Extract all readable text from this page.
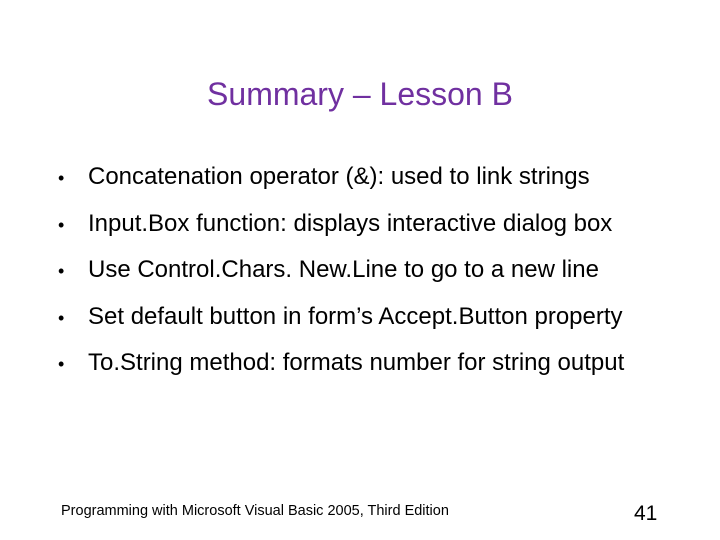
Summary – Lesson B
• Concatenation operator (&): used to link strings
• Input.Box function: displays interactive dialog box
• Use Control.Chars. New.Line to go to a new line
• Set default button in form’s Accept.Button property
• To.String method: formats number for string output
Programming with Microsoft Visual Basic 2005, Third Edition	41
